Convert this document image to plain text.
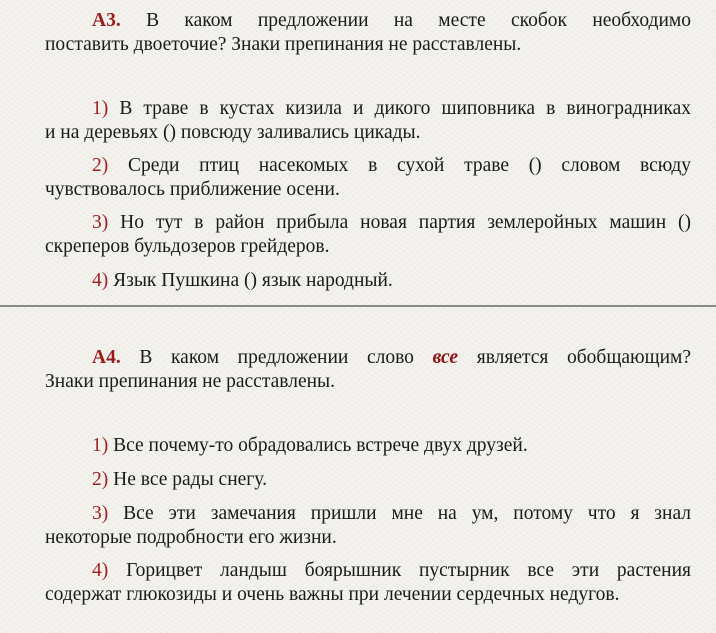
А3. В каком предложении на месте скобок необходимо
поставить двоеточие? Знаки препинания не расставлены.

1) В траве в кустах кизила и дикого шиповника в виноградниках
и на деревьях () повсюду заливались цикады.

2) Среди птиц насекомых в сухой траве () словом всюду
чувствовалось приближение осени.

3) Но тут в район прибыла новая партия землеройных машин ()
скреперов бульдозеров грейдеров.

4) Язык Пушкина () язык народный.

А4. В каком предложении слово все является обобщающим?
Знаки препинания не расставлены.

1) Все почему-то обрадовались встрече двух друзей.

2) Не все рады снегу.

3) Все эти замечания пришли мне на ум, потому что я знал
некоторые подробности его жизни.

4) Горицвет ландыш боярышник пустырник все эти растения
содержат глюкозиды и очень важны при лечении сердечных недугов.
